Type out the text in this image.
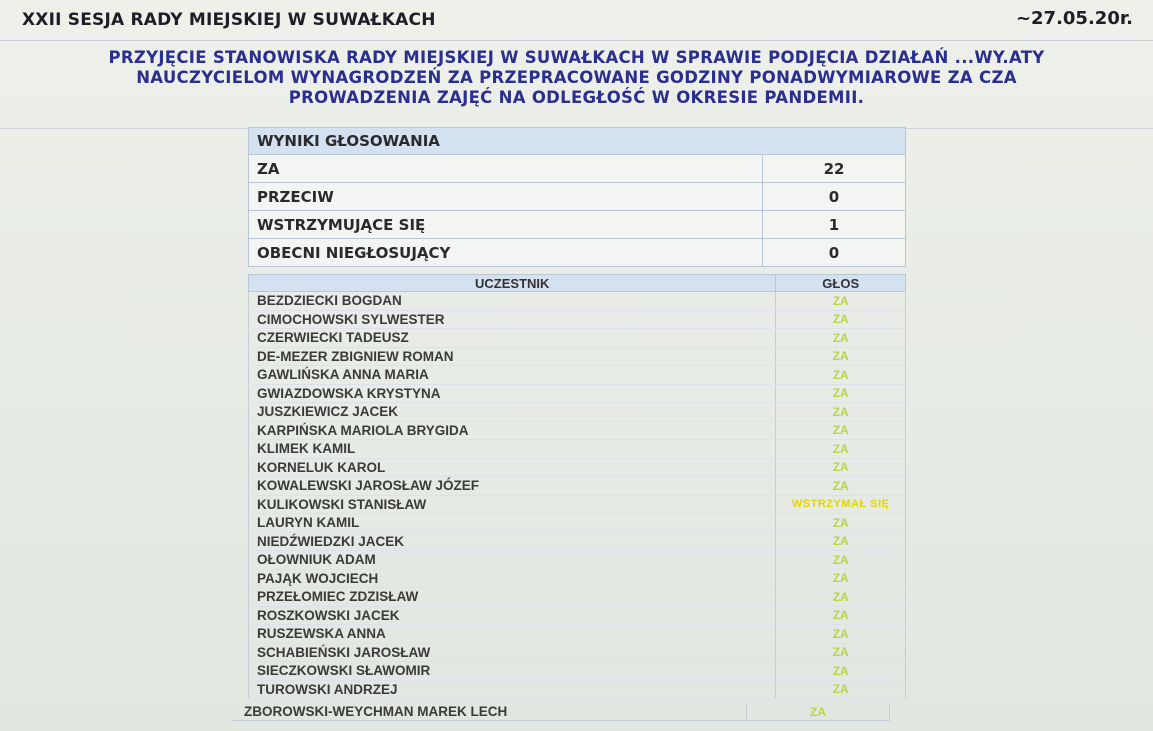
XXII SESJA RADY MIEJSKIEJ W SUWAŁKACH	~27.05.20r.
PRZYJĘCIE STANOWISKA RADY MIEJSKIEJ W SUWAŁKACH W SPRAWIE PODJĘCIA DZIAŁAŃ ...WY.ATY
NAUCZYCIELOM WYNAGRODZEŃ ZA PRZEPRACOWANE GODZINY PONADWYMIAROWE ZA CZA
PROWADZENIA ZAJĘĆ NA ODLEGŁOŚĆ W OKRESIE PANDEMII.
WYNIKI GŁOSOWANIA	
ZA	22
PRZECIW	0
WSTRZYMUJĄCE SIĘ	1
OBECNI NIEGŁOSUJĄCY	0
UCZESTNIK	GŁOS
BEZDZIECKI BOGDAN	ZA
CIMOCHOWSKI SYLWESTER	ZA
CZERWIECKI TADEUSZ	ZA
DE-MEZER ZBIGNIEW ROMAN	ZA
GAWLIŃSKA ANNA MARIA	ZA
GWIAZDOWSKA KRYSTYNA	ZA
JUSZKIEWICZ JACEK	ZA
KARPIŃSKA MARIOLA BRYGIDA	ZA
KLIMEK KAMIL	ZA
KORNELUK KAROL	ZA
KOWALEWSKI JAROSŁAW JÓZEF	ZA
KULIKOWSKI STANISŁAW	WSTRZYMAŁ SIĘ
LAURYN KAMIL	ZA
NIEDŹWIEDZKI JACEK	ZA
OŁOWNIUK ADAM	ZA
PAJĄK WOJCIECH	ZA
PRZEŁOMIEC ZDZISŁAW	ZA
ROSZKOWSKI JACEK	ZA
RUSZEWSKA ANNA	ZA
SCHABIEŃSKI JAROSŁAW	ZA
SIECZKOWSKI SŁAWOMIR	ZA
TUROWSKI ANDRZEJ	ZA
ZBOROWSKI-WEYCHMAN MAREK LECH	ZA
